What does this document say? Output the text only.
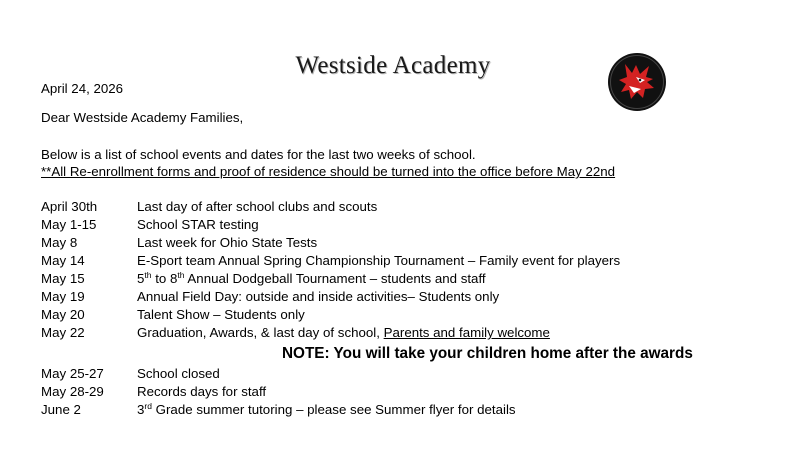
Westside Academy
April 24, 2026
Dear Westside Academy Families,
Below is a list of school events and dates for the last two weeks of school.
**All Re-enrollment forms and proof of residence should be turned into the office before May 22nd
April 30th	Last day of after school clubs and scouts
May 1-15	School STAR testing
May 8	Last week for Ohio State Tests
May 14	E-Sport team Annual Spring Championship Tournament – Family event for players
May 15	5th to 8th Annual Dodgeball Tournament – students and staff
May 19	Annual Field Day: outside and inside activities– Students only
May 20	Talent Show – Students only
May 22	Graduation, Awards, & last day of school, Parents and family welcome
NOTE: You will take your children home after the awards
May 25-27	School closed
May 28-29	Records days for staff
June 2	3rd Grade summer tutoring – please see Summer flyer for details
